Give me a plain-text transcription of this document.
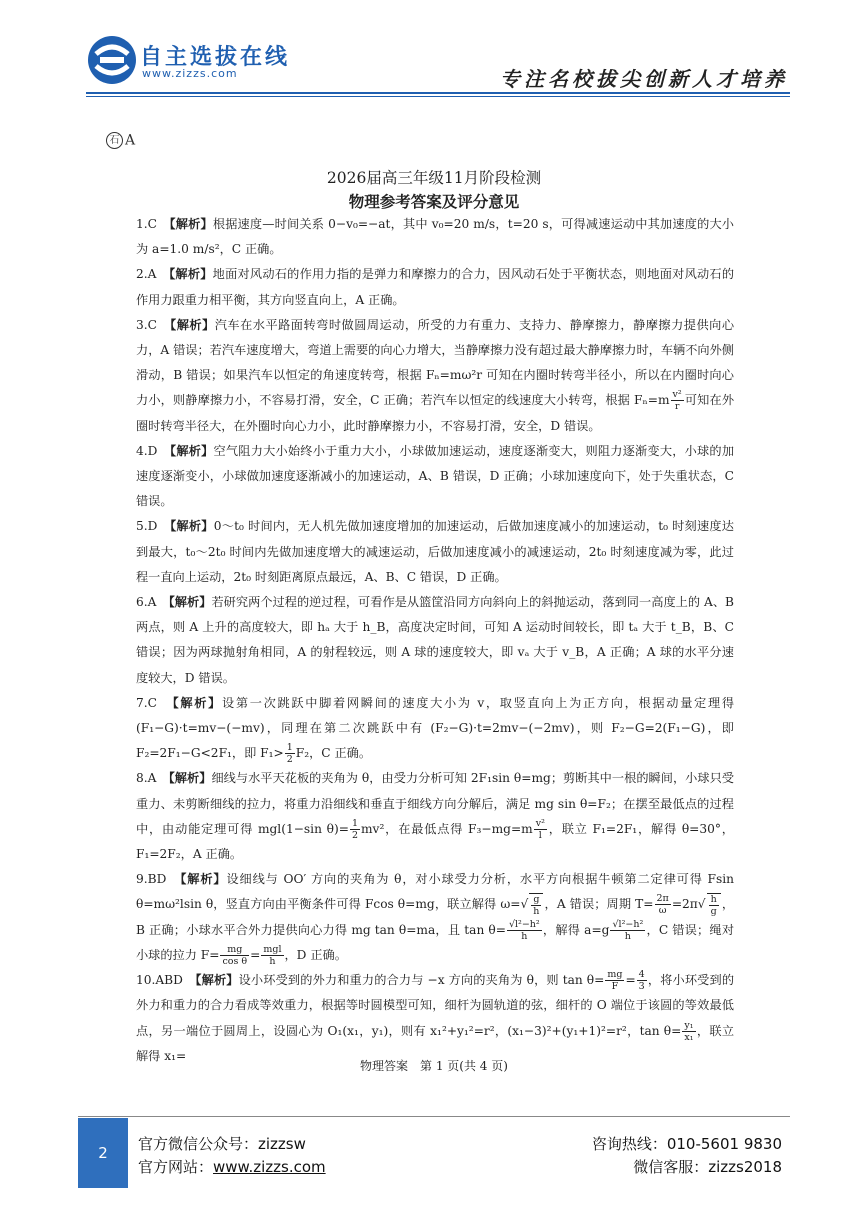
自主选拔在线
www.zizzs.com	专注名校拔尖创新人才培养
石 A
2026届高三年级11月阶段检测
物理参考答案及评分意见

1.C　 【解析】根据速度—时间关系 0−v₀=−at，其中 v₀=20 m/s，t=20 s，可得减速运动中其加速度的大小为 a=1.0 m/s²，C 正确。

2.A　 【解析】地面对风动石的作用力指的是弹力和摩擦力的合力，因风动石处于平衡状态，则地面对风动石的作用力跟重力相平衡，其方向竖直向上，A 正确。

3.C　 【解析】汽车在水平路面转弯时做圆周运动，所受的力有重力、支持力、静摩擦力，静摩擦力提供向心力，A 错误；若汽车速度增大，弯道上需要的向心力增大，当静摩擦力没有超过最大静摩擦力时，车辆不向外侧滑动，B 错误；如果汽车以恒定的角速度转弯，根据 Fₙ=mω²r 可知在内圈时转弯半径小，所以在内圈时向心力小，则静摩擦力小，不容易打滑，安全，C 正确；若汽车以恒定的线速度大小转弯，根据 $F_n=m \frac{\text{v²}}{r}$ 可知在外圈时转弯半径大，在外圈时向心力小，此时静摩擦力小，不容易打滑，安全，D 错误。

4.D　 【解析】空气阻力大小始终小于重力大小，小球做加速运动，速度逐渐变大，则阻力逐渐变大，小球的加速度逐渐变小，小球做加速度逐渐减小的加速运动，A、B 错误，D 正确；小球加速度向下，处于失重状态，C 错误。

5.D　 【解析】0～t₀ 时间内，无人机先做加速度增加的加速运动，后做加速度减小的加速运动，t₀ 时刻速度达到最大，t₀～2t₀ 时间内先做加速度增大的减速运动，后做加速度减小的减速运动，2t₀ 时刻速度减为零，此过程一直向上运动，2t₀ 时刻距离原点最远，A、B、C 错误，D 正确。

6.A　 【解析】若研究两个过程的逆过程，可看作是从篮筐沿同方向斜向上的斜抛运动，落到同一高度上的 A、B 两点，则 A 上升的高度较大，即 hₐ 大于 h_B，高度决定时间，可知 A 运动时间较长，即 tₐ 大于 t_B，B、C 错误；因为两球抛射角相同，A 的射程较远，则 A 球的速度较大，即 vₐ 大于 v_B，A 正确；A 球的水平分速度较大，D 错误。

7.C　 【解析】设第一次跳跃中脚着网瞬间的速度大小为 v，取竖直向上为正方向，根据动量定理得 (F₁−G)·t=mv−(−mv)，同理在第二次跳跃中有 (F₂−G)·t=2mv−(−2mv)，则 F₂−G=2(F₁−G)，即 F₂=2F₁−G<2F₁，即 $F_1> \frac{1}{2} F_2$，C 正确。

8.A　 【解析】细线与水平天花板的夹角为 θ，由受力分析可知 2F₁sin θ=mg；剪断其中一根的瞬间，小球只受重力、未剪断细线的拉力，将重力沿细线和垂直于细线方向分解后，满足 mg sin θ=F₂；在摆至最低点的过程中，由动能定理可得 mgl(1−sin $\theta)= \frac{1}{2} mv^2$，在最低点得 $F_3-mg=m \frac{\text{v²}}{l}$ ，联立 F₁=2F₁，解得 θ=30°，F₁=2F₂，A 正确。

9.BD　 【解析】设细线与 OO′ 方向的夹角为 θ，对小球受力分析，水平方向根据牛顿第二定律可得 Fsin θ=mω²lsin θ，竖直方向由平衡条件可得 Fcos θ=mg，联立解得 $\omega=√ \frac{g}{h}$ ，A 错误；周期 $T= \frac{2\pi}{\omega} =2\pi√ \frac{h}{g}$ ，B 正确；小球水平合外力提供向心力得 mg tan θ=ma，且 $\tan \theta= \frac{\text{√l²−h²}}{h}$ ，解得 $a=g \frac{\text{√l²−h²}}{h}$ ，C 错误；绳对小球的拉力 $F= \frac{mg}{\text{cos θ}} = \frac{\text{mgl}}{h}$ ，D 正确。

10.ABD　 【解析】设小环受到的外力和重力的合力与 −x 方向的夹角为 θ，则 $\tan \theta= \frac{mg}{F} = \frac{4}{3}$ ，将小环受到的外力和重力的合力看成等效重力，根据等时圆模型可知，细杆为圆轨道的弦，细杆的 O 端位于该圆的等效最低点，另一端位于圆周上，设圆心为 O₁(x₁，y₁)，则有 x₁²+y₁²=r²，(x₁−3)²+(y₁+1)²=r²，$\tan \theta= \frac{\text{y₁}}{\text{x₁}}$ ，联立解得 x₁=

物理答案　第 1 页(共 4 页)
2	官方微信公众号：zizzsw
官方网站：www.zizzs.com
咨询热线：010-5601 9830
微信客服：zizzs2018
